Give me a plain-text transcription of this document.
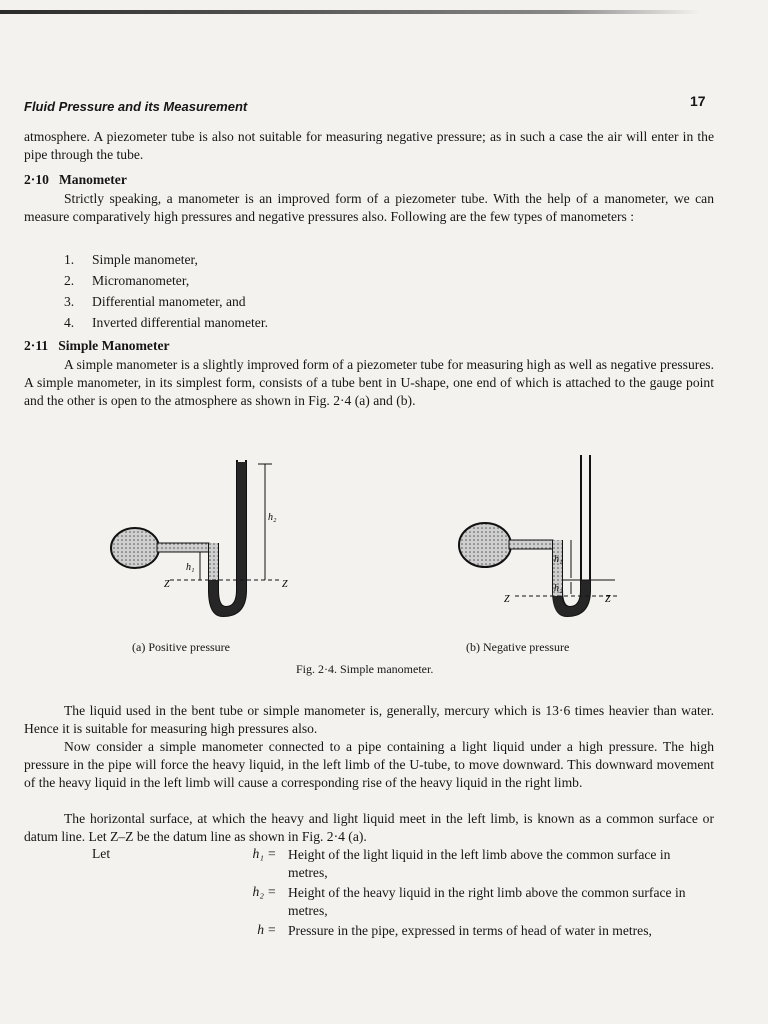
Fluid Pressure and its Measurement	17

atmosphere. A piezometer tube is also not suitable for measuring negative pressure; as in such a case the air will enter in the pipe through the tube.

2·10 Manometer

Strictly speaking, a manometer is an improved form of a piezometer tube. With the help of a manometer, we can measure comparatively high pressures and negative pressures also. Following are the few types of manometers :

1. Simple manometer,
2. Micromanometer,
3. Differential manometer, and
4. Inverted differential manometer.
2·11 Simple Manometer

A simple manometer is a slightly improved form of a piezometer tube for measuring high as well as negative pressures. A simple manometer, in its simplest form, consists of a tube bent in U-shape, one end of which is attached to the gauge point and the other is open to the atmosphere as shown in Fig. 2·4 (a) and (b).

h₂
h₁
Z	Z
h₁
h₂
Z	Z
(a) Positive pressure	(b) Negative pressure
Fig. 2·4. Simple manometer.

The liquid used in the bent tube or simple manometer is, generally, mercury which is 13·6 times heavier than water. Hence it is suitable for measuring high pressures also.

Now consider a simple manometer connected to a pipe containing a light liquid under a high pressure. The high pressure in the pipe will force the heavy liquid, in the left limb of the U-tube, to move downward. This downward movement of the heavy liquid in the left limb will cause a corresponding rise of the heavy liquid in the right limb.

The horizontal surface, at which the heavy and light liquid meet in the left limb, is known as a common surface or datum line. Let Z–Z be the datum line as shown in Fig. 2·4 (a).

Let	h₁ = Height of the light liquid in the left limb above the common surface in metres,
h₂ = Height of the heavy liquid in the right limb above the common surface in metres,
h = Pressure in the pipe, expressed in terms of head of water in metres,
